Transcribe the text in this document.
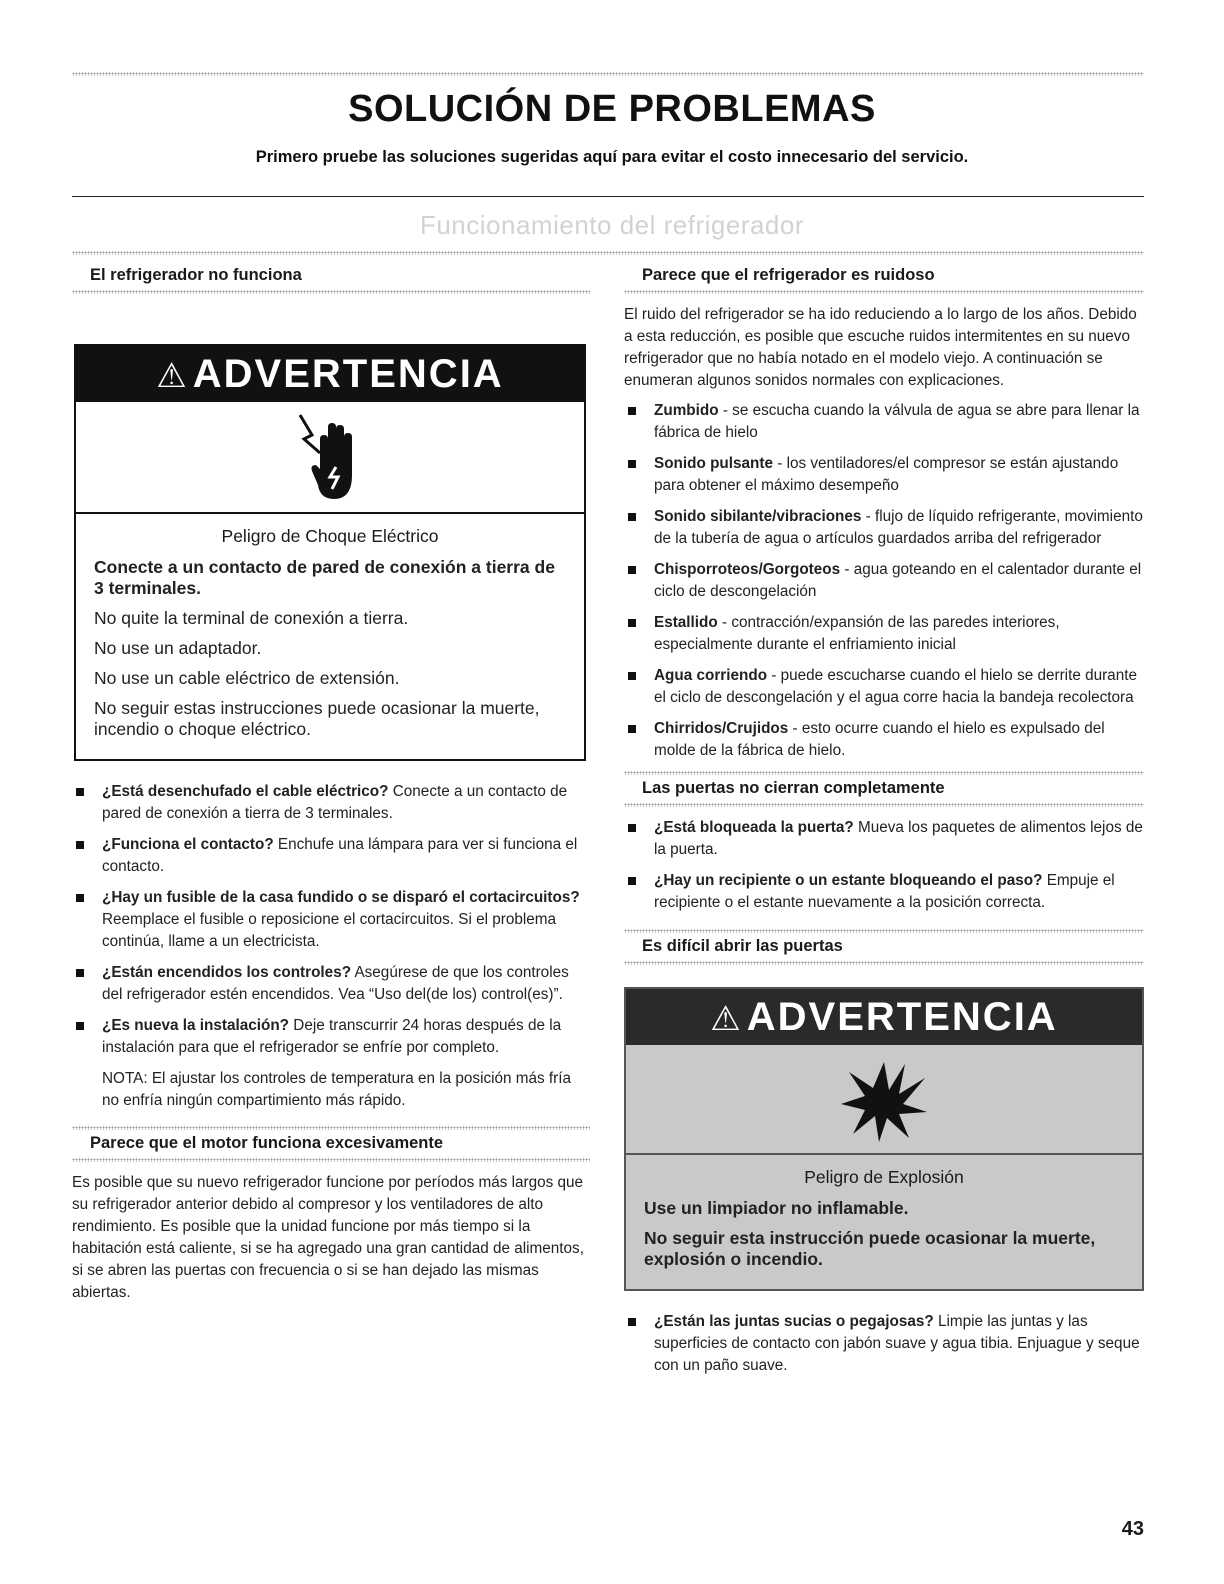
SOLUCIÓN DE PROBLEMAS
Primero pruebe las soluciones sugeridas aquí para evitar el costo innecesario del servicio.
Funcionamiento del refrigerador
El refrigerador no funciona
⚠ ADVERTENCIA
Peligro de Choque Eléctrico
Conecte a un contacto de pared de conexión a tierra de 3 terminales.
No quite la terminal de conexión a tierra.
No use un adaptador.
No use un cable eléctrico de extensión.
No seguir estas instrucciones puede ocasionar la muerte, incendio o choque eléctrico.
¿Está desenchufado el cable eléctrico? Conecte a un contacto de pared de conexión a tierra de 3 terminales.
¿Funciona el contacto? Enchufe una lámpara para ver si funciona el contacto.
¿Hay un fusible de la casa fundido o se disparó el cortacircuitos? Reemplace el fusible o reposicione el cortacircuitos. Si el problema continúa, llame a un electricista.
¿Están encendidos los controles? Asegúrese de que los controles del refrigerador estén encendidos. Vea “Uso del(de los) control(es)”.
¿Es nueva la instalación? Deje transcurrir 24 horas después de la instalación para que el refrigerador se enfríe por completo.

NOTA: El ajustar los controles de temperatura en la posición más fría no enfría ningún compartimiento más rápido.

Parece que el motor funciona excesivamente

Es posible que su nuevo refrigerador funcione por períodos más largos que su refrigerador anterior debido al compresor y los ventiladores de alto rendimiento. Es posible que la unidad funcione por más tiempo si la habitación está caliente, si se ha agregado una gran cantidad de alimentos, si se abren las puertas con frecuencia o si se han dejado las mismas abiertas.

Parece que el refrigerador es ruidoso

El ruido del refrigerador se ha ido reduciendo a lo largo de los años. Debido a esta reducción, es posible que escuche ruidos intermitentes en su nuevo refrigerador que no había notado en el modelo viejo. A continuación se enumeran algunos sonidos normales con explicaciones.

Zumbido - se escucha cuando la válvula de agua se abre para llenar la fábrica de hielo
Sonido pulsante - los ventiladores/el compresor se están ajustando para obtener el máximo desempeño
Sonido sibilante/vibraciones - flujo de líquido refrigerante, movimiento de la tubería de agua o artículos guardados arriba del refrigerador
Chisporroteos/Gorgoteos - agua goteando en el calentador durante el ciclo de descongelación
Estallido - contracción/expansión de las paredes interiores, especialmente durante el enfriamiento inicial
Agua corriendo - puede escucharse cuando el hielo se derrite durante el ciclo de descongelación y el agua corre hacia la bandeja recolectora
Chirridos/Crujidos - esto ocurre cuando el hielo es expulsado del molde de la fábrica de hielo.
Las puertas no cierran completamente
¿Está bloqueada la puerta? Mueva los paquetes de alimentos lejos de la puerta.
¿Hay un recipiente o un estante bloqueando el paso? Empuje el recipiente o el estante nuevamente a la posición correcta.
Es difícil abrir las puertas
⚠ ADVERTENCIA
Peligro de Explosión
Use un limpiador no inflamable.
No seguir esta instrucción puede ocasionar la muerte, explosión o incendio.
¿Están las juntas sucias o pegajosas? Limpie las juntas y las superficies de contacto con jabón suave y agua tibia. Enjuague y seque con un paño suave.
43
